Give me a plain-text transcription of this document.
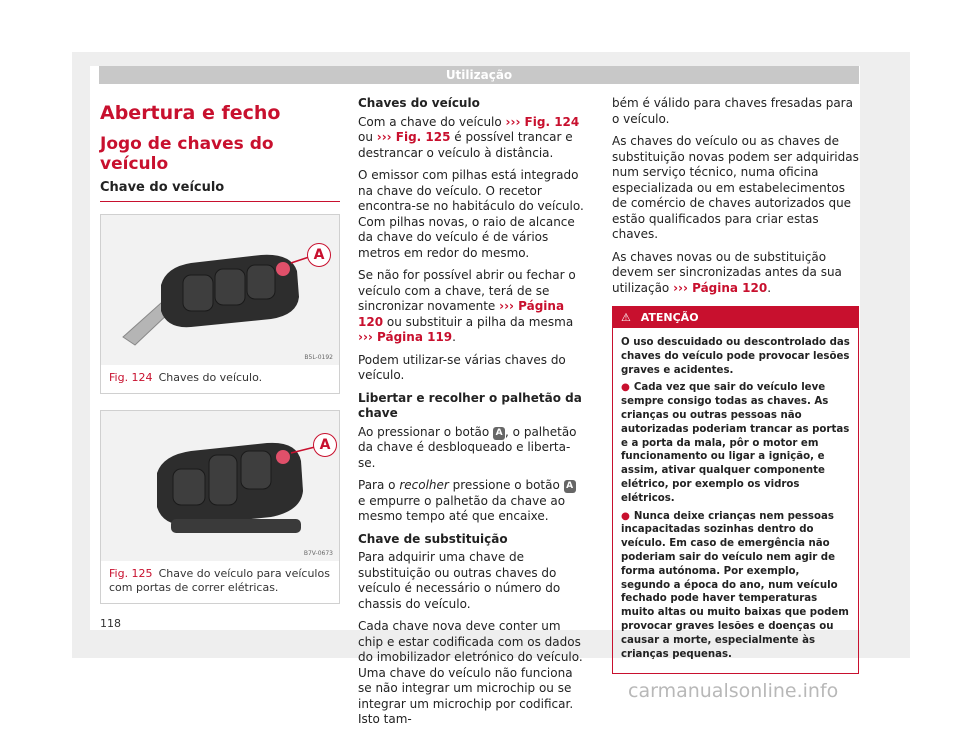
Utilização
Abertura e fecho
Jogo de chaves do veículo
Chave do veículo
A
B5L-0192
Fig. 124 Chaves do veículo.
A
B7V-0673
Fig. 125 Chave do veículo para veículos com portas de correr elétricas.

Chaves do veículo

Com a chave do veículo ››› Fig. 124 ou ››› Fig. 125 é possível trancar e destrancar o veículo à distância.

O emissor com pilhas está integrado na chave do veículo. O recetor encontra-se no habitáculo do veículo. Com pilhas novas, o raio de alcance da chave do veículo é de vários metros em redor do mesmo.

Se não for possível abrir ou fechar o veículo com a chave, terá de se sincronizar novamente ››› Página 120 ou substituir a pilha da mesma ››› Página 119.

Podem utilizar-se várias chaves do veículo.

Libertar e recolher o palhetão da chave

Ao pressionar o botão A , o palhetão da chave é desbloqueado e liberta-se.

Para o recolher pressione o botão A e empurre o palhetão da chave ao mesmo tempo até que encaixe.

Chave de substituição

Para adquirir uma chave de substituição ou outras chaves do veículo é necessário o número do chassis do veículo.

Cada chave nova deve conter um chip e estar codificada com os dados do imobilizador eletrónico do veículo. Uma chave do veículo não funciona se não integrar um microchip ou se integrar um microchip por codificar. Isto tam-

bém é válido para chaves fresadas para o veículo.

As chaves do veículo ou as chaves de substituição novas podem ser adquiridas num serviço técnico, numa oficina especializada ou em estabelecimentos de comércio de chaves autorizados que estão qualificados para criar estas chaves.

As chaves novas ou de substituição devem ser sincronizadas antes da sua utilização ››› Página 120.

⚠ ATENÇÃO

O uso descuidado ou descontrolado das chaves do veículo pode provocar lesões graves e acidentes.

● Cada vez que sair do veículo leve sempre consigo todas as chaves. As crianças ou outras pessoas não autorizadas poderiam trancar as portas e a porta da mala, pôr o motor em funcionamento ou ligar a ignição, e assim, ativar qualquer componente elétrico, por exemplo os vidros elétricos.

● Nunca deixe crianças nem pessoas incapacitadas sozinhas dentro do veículo. Em caso de emergência não poderiam sair do veículo nem agir de forma autónoma. Por exemplo, segundo a época do ano, num veículo fechado pode haver temperaturas muito altas ou muito baixas que podem provocar graves lesões e doenças ou causar a morte, especialmente às crianças pequenas.

118
carmanualsonline.info
